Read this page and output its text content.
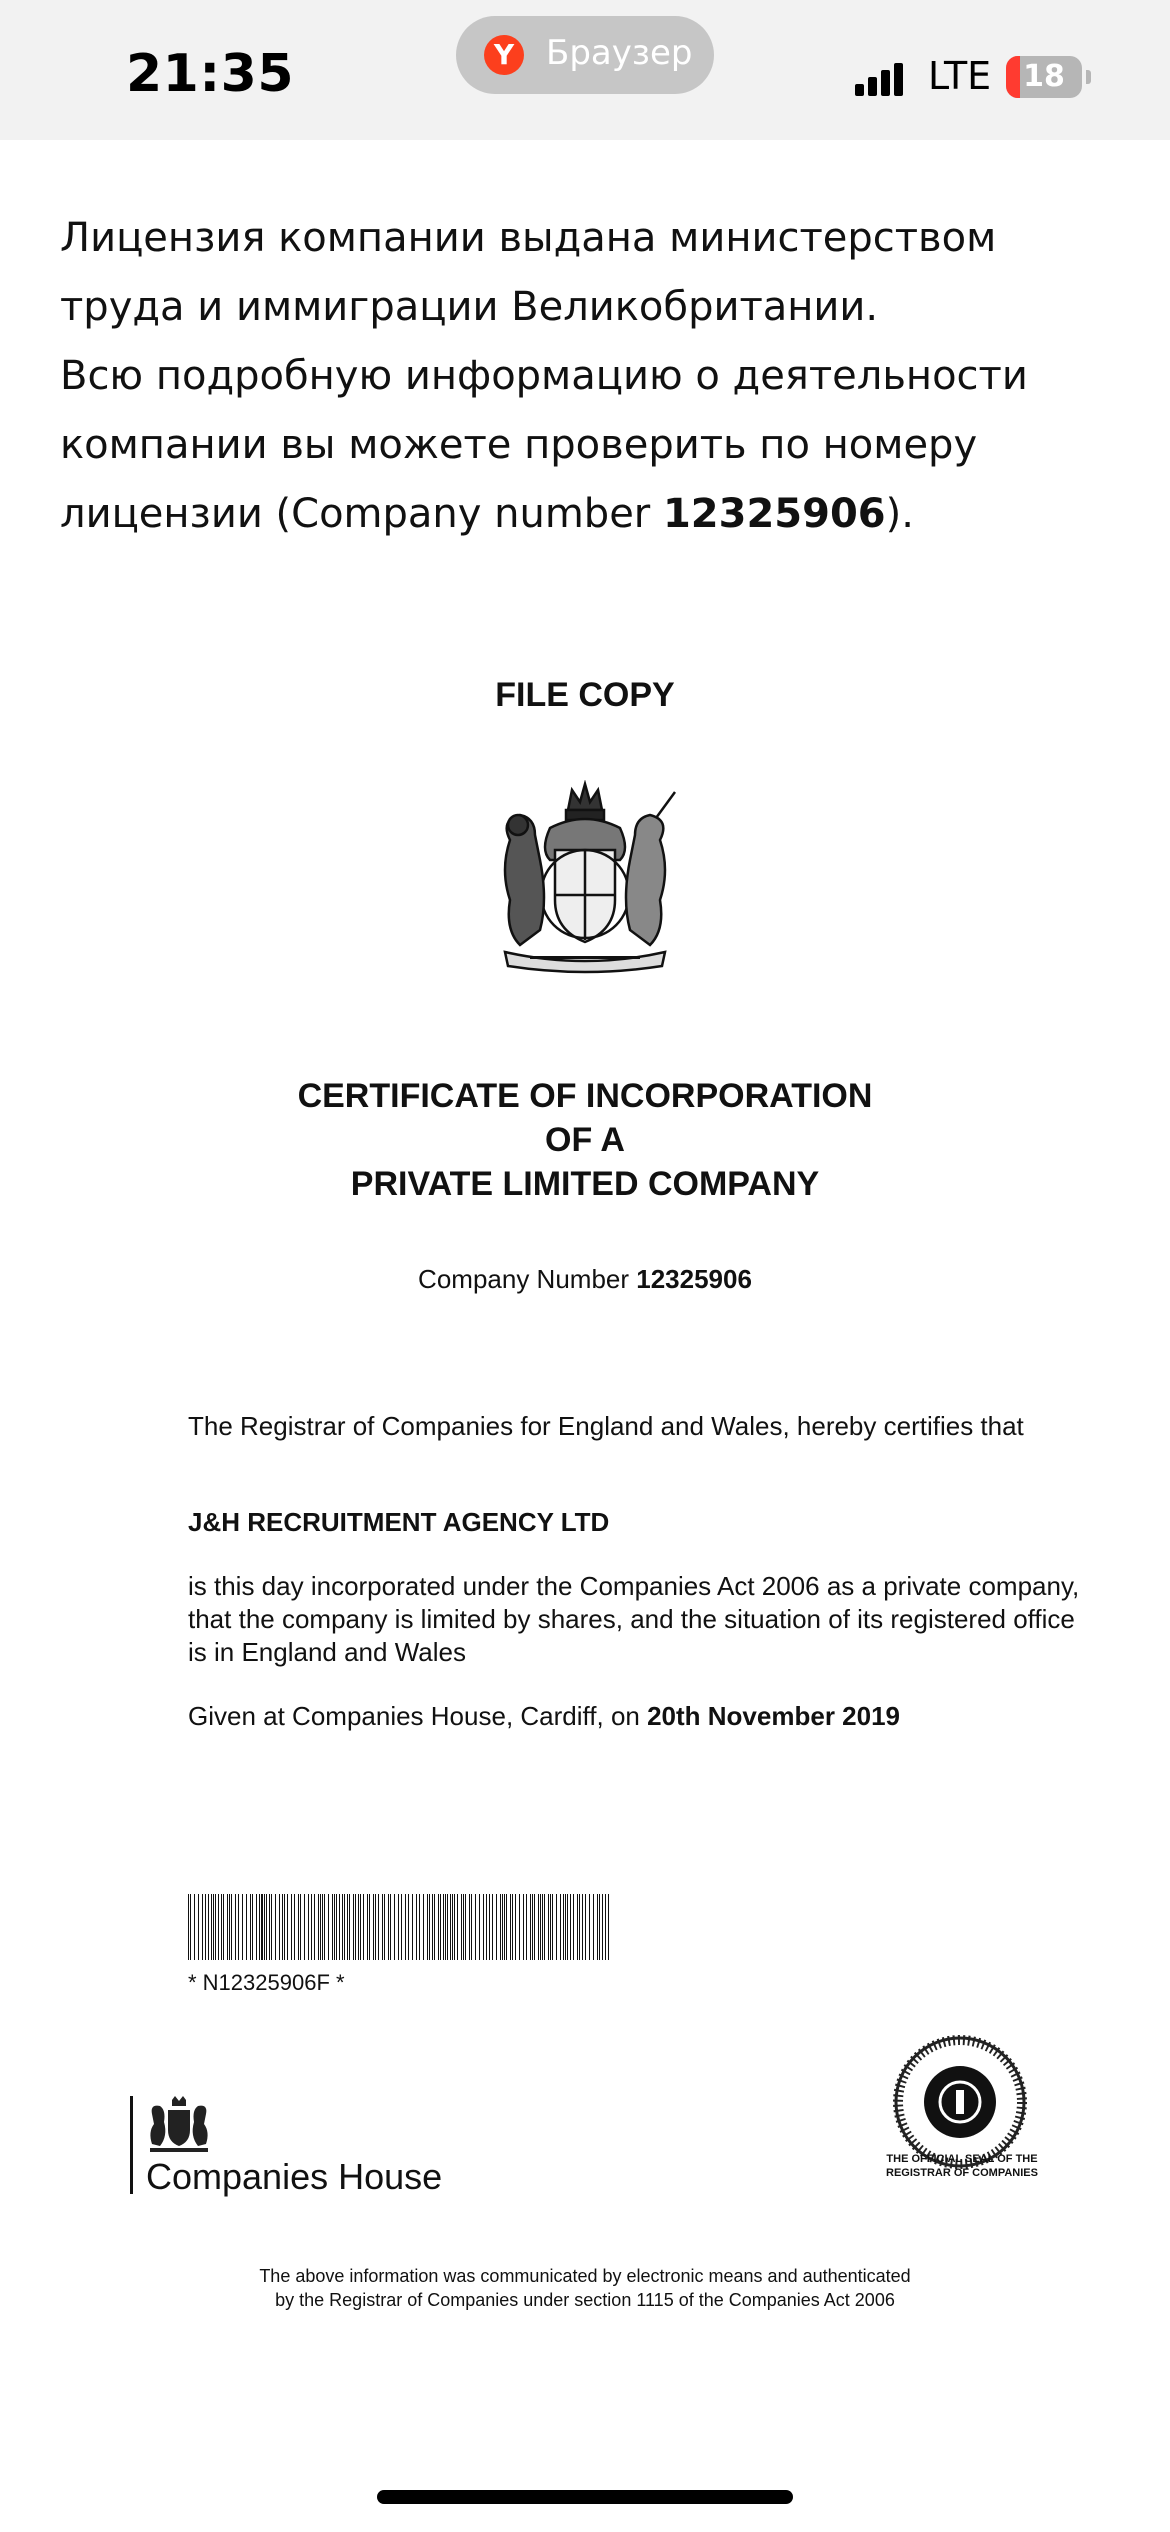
21:35	Y Браузер
LTE	18

Лицензия компании выдана министерством труда и иммиграции Великобритании.

Всю подробную информацию о деятельности компании вы можете проверить по номеру лицензии (Company number 12325906).

FILE COPY
CERTIFICATE OF INCORPORATION
OF A
PRIVATE LIMITED COMPANY
Company Number 12325906
The Registrar of Companies for England and Wales, hereby certifies that
J&H RECRUITMENT AGENCY LTD
is this day incorporated under the Companies Act 2006 as a private company, that the company is limited by shares, and the situation of its registered office is in England and Wales
Given at Companies House, Cardiff, on 20th November 2019
* N12325906F *
Companies House	THE OFFICIAL SEAL OF THE
REGISTRAR OF COMPANIES
The above information was communicated by electronic means and authenticated
by the Registrar of Companies under section 1115 of the Companies Act 2006
